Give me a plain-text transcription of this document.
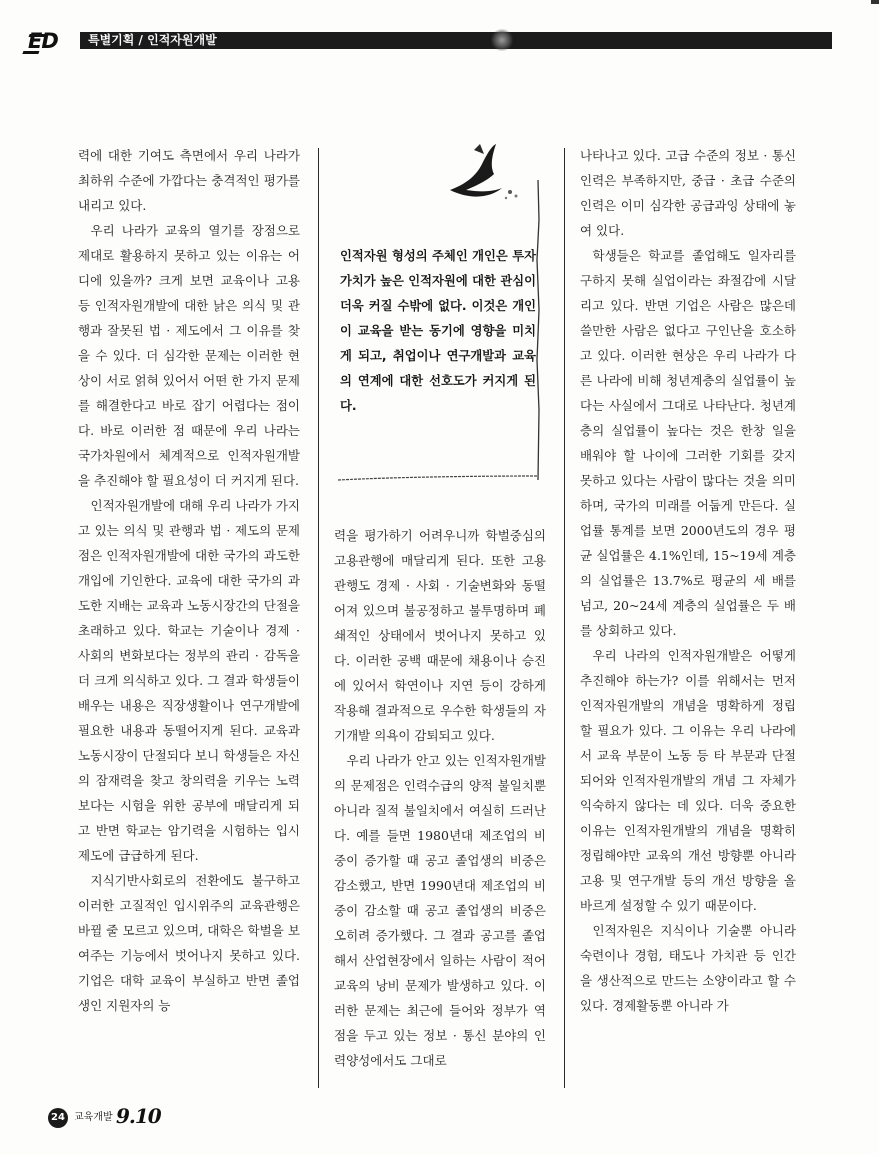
ED	특별기획 / 인적자원개발

력에 대한 기여도 측면에서 우리 나라가 최하위 수준에 가깝다는 충격적인 평가를 내리고 있다.

우리 나라가 교육의 열기를 장점으로 제대로 활용하지 못하고 있는 이유는 어디에 있을까? 크게 보면 교육이나 고용 등 인적자원개발에 대한 낡은 의식 및 관행과 잘못된 법 · 제도에서 그 이유를 찾을 수 있다. 더 심각한 문제는 이러한 현상이 서로 얽혀 있어서 어떤 한 가지 문제를 해결한다고 바로 잡기 어렵다는 점이다. 바로 이러한 점 때문에 우리 나라는 국가차원에서 체계적으로 인적자원개발을 추진해야 할 필요성이 더 커지게 된다.

인적자원개발에 대해 우리 나라가 가지고 있는 의식 및 관행과 법 · 제도의 문제점은 인적자원개발에 대한 국가의 과도한 개입에 기인한다. 교육에 대한 국가의 과도한 지배는 교육과 노동시장간의 단절을 초래하고 있다. 학교는 기술이나 경제 · 사회의 변화보다는 정부의 관리 · 감독을 더 크게 의식하고 있다. 그 결과 학생들이 배우는 내용은 직장생활이나 연구개발에 필요한 내용과 동떨어지게 된다. 교육과 노동시장이 단절되다 보니 학생들은 자신의 잠재력을 찾고 창의력을 키우는 노력보다는 시험을 위한 공부에 매달리게 되고 반면 학교는 암기력을 시험하는 입시제도에 급급하게 된다.

지식기반사회로의 전환에도 불구하고 이러한 고질적인 입시위주의 교육관행은 바뀔 줄 모르고 있으며, 대학은 학벌을 보여주는 기능에서 벗어나지 못하고 있다. 기업은 대학 교육이 부실하고 반면 졸업생인 지원자의 능

인적자원 형성의 주체인 개인은 투자 가치가 높은 인적자원에 대한 관심이 더욱 커질 수밖에 없다. 이것은 개인이 교육을 받는 동기에 영향을 미치게 되고, 취업이나 연구개발과 교육의 연계에 대한 선호도가 커지게 된다.

력을 평가하기 어려우니까 학벌중심의 고용관행에 매달리게 된다. 또한 고용관행도 경제 · 사회 · 기술변화와 동떨어져 있으며 불공정하고 불투명하며 폐쇄적인 상태에서 벗어나지 못하고 있다. 이러한 공백 때문에 채용이나 승진에 있어서 학연이나 지연 등이 강하게 작용해 결과적으로 우수한 학생들의 자기개발 의욕이 감퇴되고 있다.

우리 나라가 안고 있는 인적자원개발의 문제점은 인력수급의 양적 불일치뿐 아니라 질적 불일치에서 여실히 드러난다. 예를 들면 1980년대 제조업의 비중이 증가할 때 공고 졸업생의 비중은 감소했고, 반면 1990년대 제조업의 비중이 감소할 때 공고 졸업생의 비중은 오히려 증가했다. 그 결과 공고를 졸업해서 산업현장에서 일하는 사람이 적어 교육의 낭비 문제가 발생하고 있다. 이러한 문제는 최근에 들어와 정부가 역점을 두고 있는 정보 · 통신 분야의 인력양성에서도 그대로

나타나고 있다. 고급 수준의 정보 · 통신 인력은 부족하지만, 중급 · 초급 수준의 인력은 이미 심각한 공급과잉 상태에 놓여 있다.

학생들은 학교를 졸업해도 일자리를 구하지 못해 실업이라는 좌절감에 시달리고 있다. 반면 기업은 사람은 많은데 쓸만한 사람은 없다고 구인난을 호소하고 있다. 이러한 현상은 우리 나라가 다른 나라에 비해 청년계층의 실업률이 높다는 사실에서 그대로 나타난다. 청년계층의 실업률이 높다는 것은 한창 일을 배워야 할 나이에 그러한 기회를 갖지 못하고 있다는 사람이 많다는 것을 의미하며, 국가의 미래를 어둡게 만든다. 실업률 통계를 보면 2000년도의 경우 평균 실업률은 4.1%인데, 15~19세 계층의 실업률은 13.7%로 평균의 세 배를 넘고, 20~24세 계층의 실업률은 두 배를 상회하고 있다.

우리 나라의 인적자원개발은 어떻게 추진해야 하는가? 이를 위해서는 먼저 인적자원개발의 개념을 명확하게 정립할 필요가 있다. 그 이유는 우리 나라에서 교육 부문이 노동 등 타 부문과 단절되어와 인적자원개발의 개념 그 자체가 익숙하지 않다는 데 있다. 더욱 중요한 이유는 인적자원개발의 개념을 명확히 정립해야만 교육의 개선 방향뿐 아니라 고용 및 연구개발 등의 개선 방향을 올바르게 설정할 수 있기 때문이다.

인적자원은 지식이나 기술뿐 아니라 숙련이나 경험, 태도나 가치관 등 인간을 생산적으로 만드는 소양이라고 할 수 있다. 경제활동뿐 아니라 가

24 교육개발 9.10
